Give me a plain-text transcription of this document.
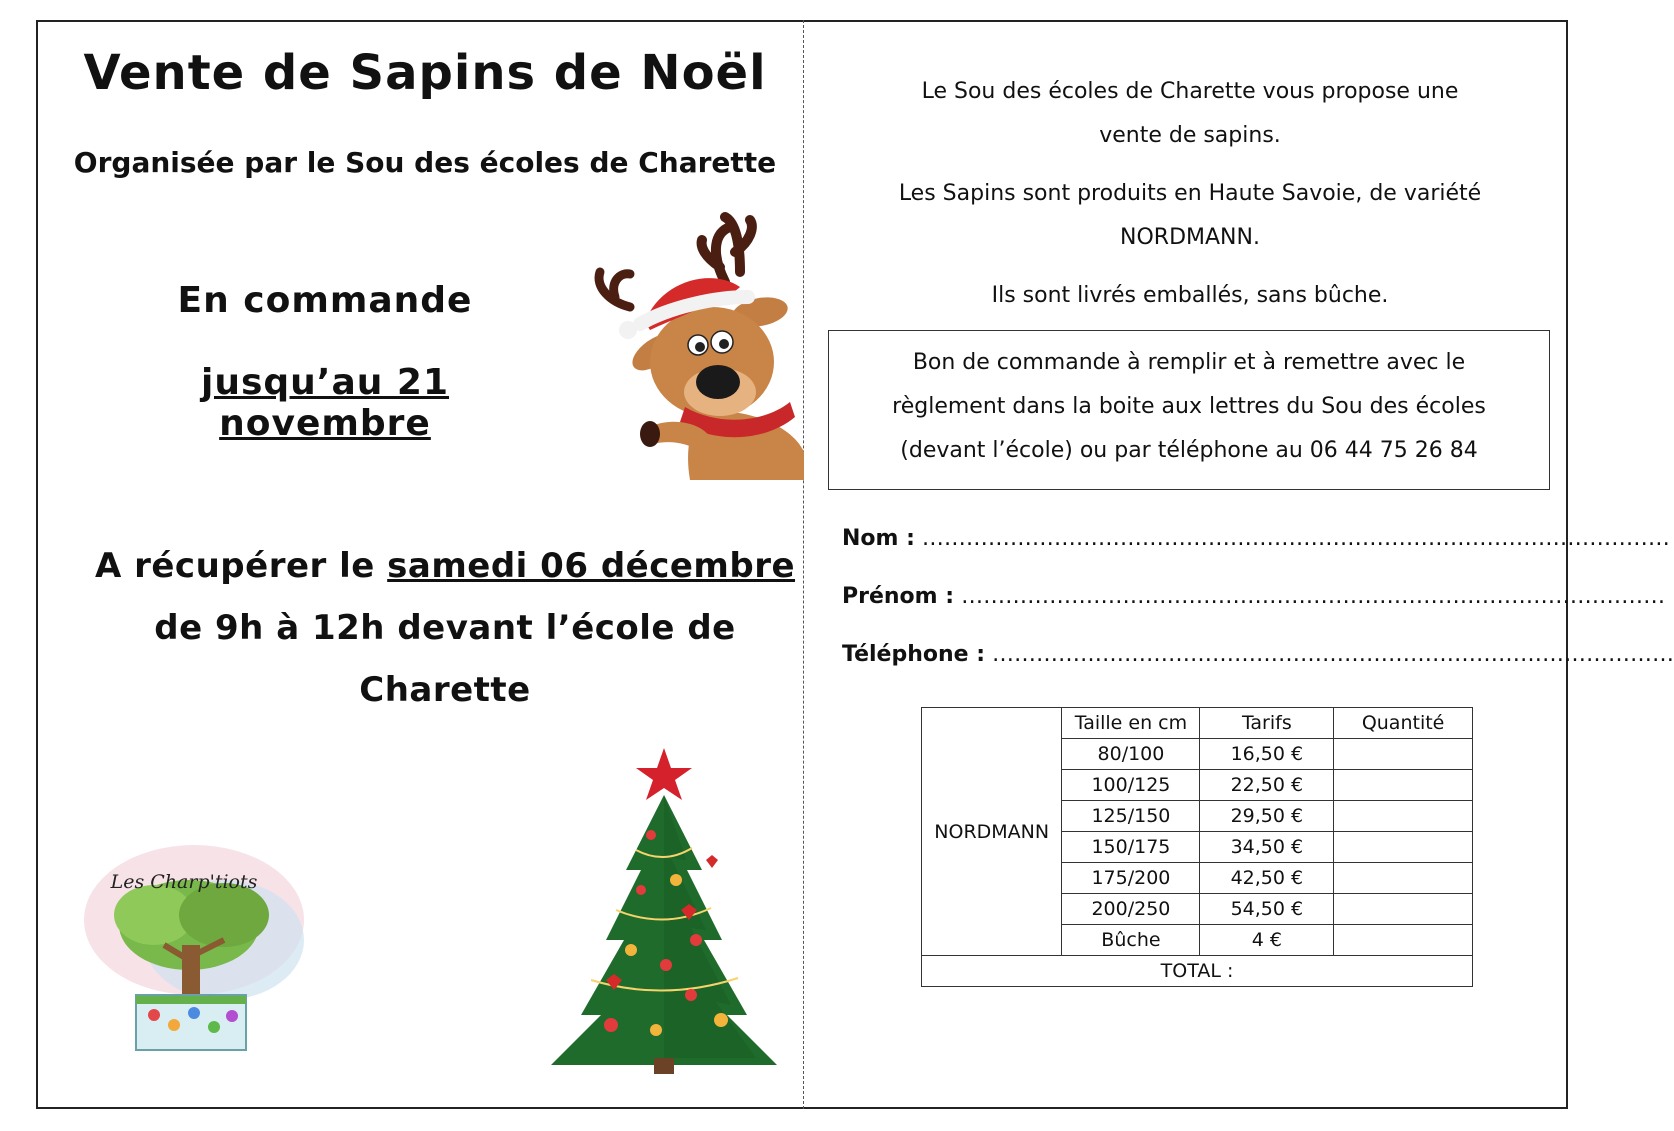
Vente de Sapins de Noël
Organisée par le Sou des écoles de Charette
En commande
jusqu’au 21 novembre
A récupérer le samedi 06 décembre
de 9h à 12h devant l’école de
Charette
Les Charp'tiots

Le Sou des écoles de Charette vous propose une
vente de sapins.

Les Sapins sont produits en Haute Savoie, de variété
NORDMANN.

Ils sont livrés emballés, sans bûche.

Bon de commande à remplir et à remettre avec le
règlement dans la boite aux lettres du Sou des écoles
(devant l’école) ou par téléphone au 06 44 75 26 84
Nom : …………………………………………………………………………………………
Prénom : ……………………………………………………………………………………
Téléphone : …………………………………………………………………………………
NORDMANN	Taille en cm	Tarifs	Quantité
	80/100	16,50 €	
	100/125	22,50 €	
	125/150	29,50 €	
	150/175	34,50 €	
	175/200	42,50 €	
	200/250	54,50 €	
	Bûche	4 €	
TOTAL :			
